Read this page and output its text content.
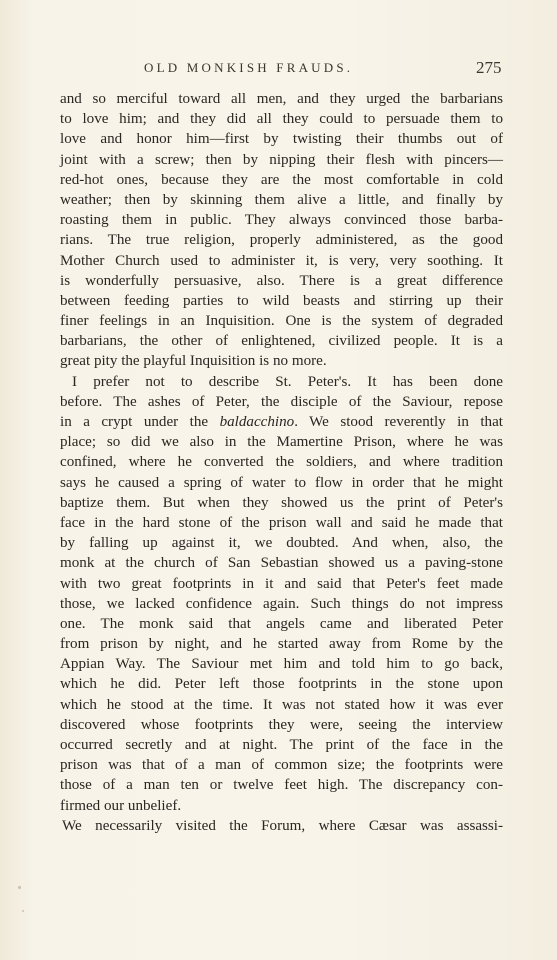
OLD MONKISH FRAUDS.	275
and so merciful toward all men, and they urged the barbarians
to love him; and they did all they could to persuade them to
love and honor him—first by twisting their thumbs out of
joint with a screw; then by nipping their flesh with pincers—
red-hot ones, because they are the most comfortable in cold
weather; then by skinning them alive a little, and finally by
roasting them in public. They always convinced those barba-
rians. The true religion, properly administered, as the good
Mother Church used to administer it, is very, very soothing. It
is wonderfully persuasive, also. There is a great difference
between feeding parties to wild beasts and stirring up their
finer feelings in an Inquisition. One is the system of degraded
barbarians, the other of enlightened, civilized people. It is a
great pity the playful Inquisition is no more.
I prefer not to describe St. Peter's. It has been done
before. The ashes of Peter, the disciple of the Saviour, repose
in a crypt under the baldacchino. We stood reverently in that
place; so did we also in the Mamertine Prison, where he was
confined, where he converted the soldiers, and where tradition
says he caused a spring of water to flow in order that he might
baptize them. But when they showed us the print of Peter's
face in the hard stone of the prison wall and said he made that
by falling up against it, we doubted. And when, also, the
monk at the church of San Sebastian showed us a paving-stone
with two great footprints in it and said that Peter's feet made
those, we lacked confidence again. Such things do not impress
one. The monk said that angels came and liberated Peter
from prison by night, and he started away from Rome by the
Appian Way. The Saviour met him and told him to go back,
which he did. Peter left those footprints in the stone upon
which he stood at the time. It was not stated how it was ever
discovered whose footprints they were, seeing the interview
occurred secretly and at night. The print of the face in the
prison was that of a man of common size; the footprints were
those of a man ten or twelve feet high. The discrepancy con-
firmed our unbelief.
We necessarily visited the Forum, where Cæsar was assassi-
